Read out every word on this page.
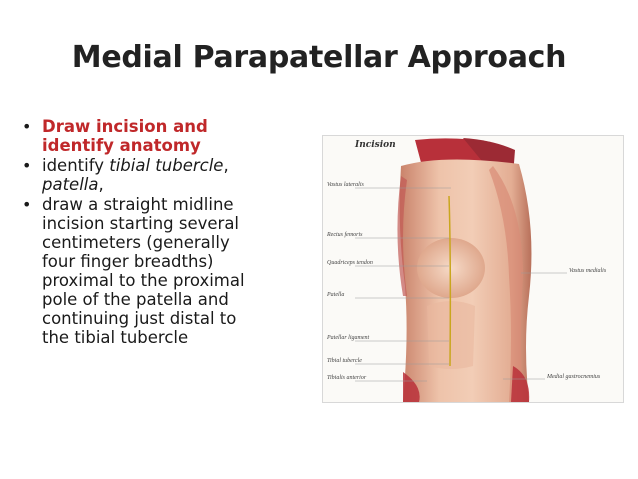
Medial Parapatellar Approach
• Draw incision and
identify anatomy
• identify tibial tubercle,
patella,
• draw a straight midline
incision starting several
centimeters (generally
four finger breadths)
proximal to the proximal
pole of the patella and
continuing just distal to
the tibial tubercle
Incision
Vastus lateralis
Rectus femoris
Quadriceps tendon
Patella
Patellar ligament
Tibial tubercle
Tibialis anterior
Vastus medialis
Medial gastrocnemius
